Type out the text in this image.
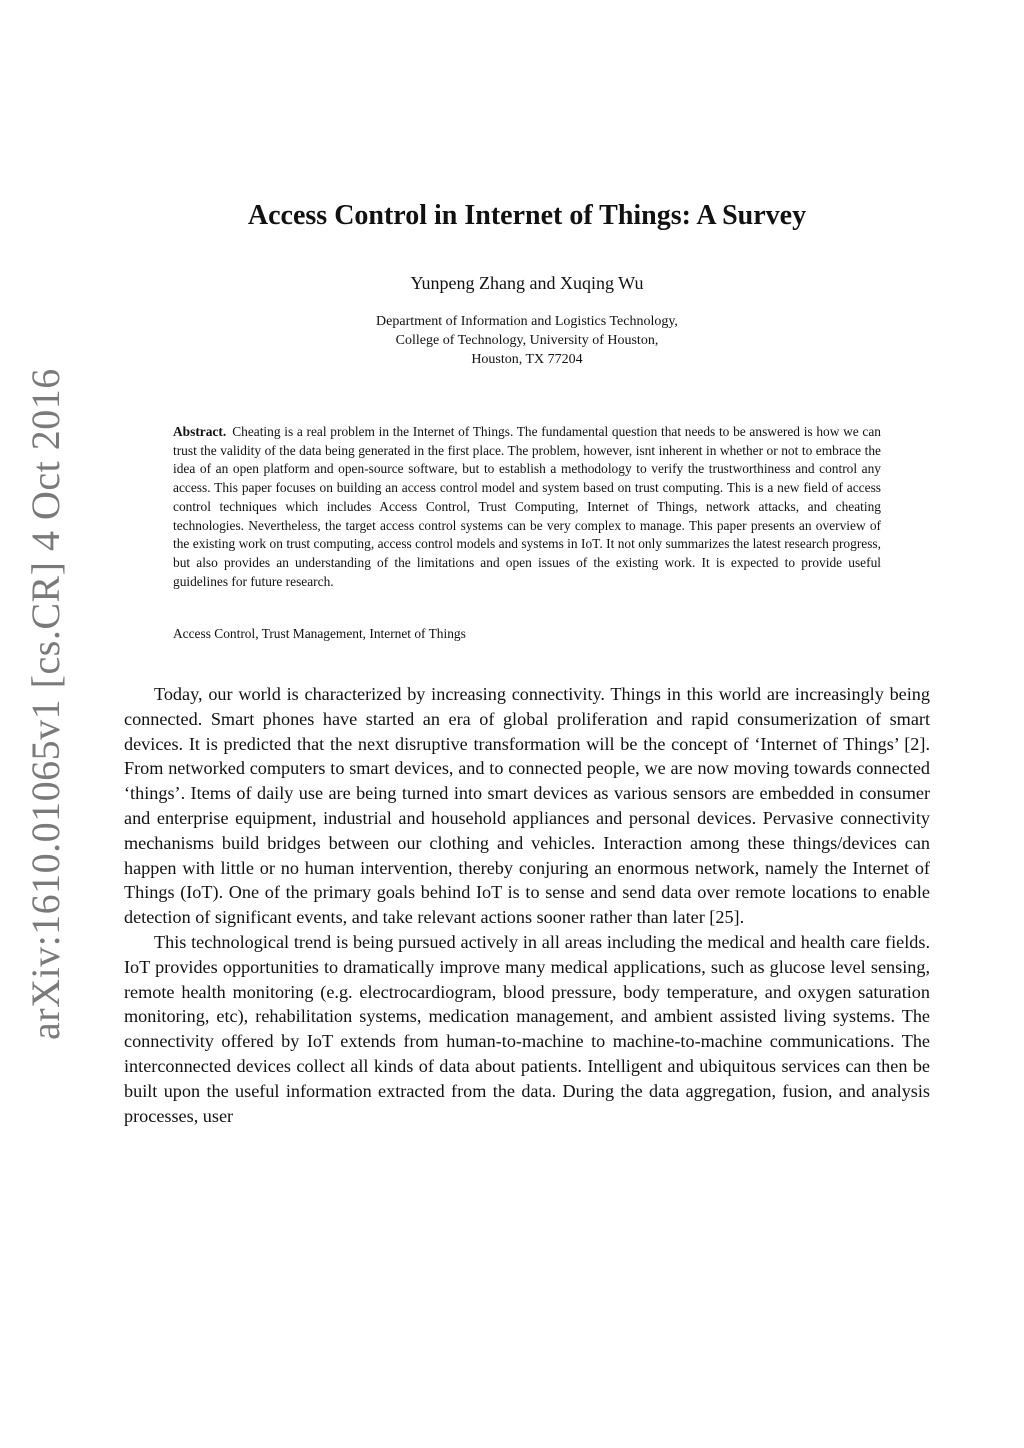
arXiv:1610.01065v1 [cs.CR] 4 Oct 2016
Access Control in Internet of Things: A Survey
Yunpeng Zhang and Xuqing Wu
Department of Information and Logistics Technology,
College of Technology, University of Houston,
Houston, TX 77204

Abstract. Cheating is a real problem in the Internet of Things. The fundamental question that needs to be answered is how we can trust the validity of the data being generated in the first place. The problem, however, isnt inherent in whether or not to embrace the idea of an open platform and open-source software, but to establish a methodology to verify the trustworthiness and control any access. This paper focuses on building an access control model and system based on trust computing. This is a new field of access control techniques which includes Access Control, Trust Computing, Internet of Things, network attacks, and cheating technologies. Nevertheless, the target access control systems can be very complex to manage. This paper presents an overview of the existing work on trust computing, access control models and systems in IoT. It not only summarizes the latest research progress, but also provides an understanding of the limitations and open issues of the existing work. It is expected to provide useful guidelines for future research.

Access Control, Trust Management, Internet of Things

Today, our world is characterized by increasing connectivity. Things in this world are increasingly being connected. Smart phones have started an era of global proliferation and rapid consumerization of smart devices. It is predicted that the next disruptive transformation will be the concept of ‘Internet of Things’ [2]. From networked computers to smart devices, and to connected people, we are now moving towards connected ‘things’. Items of daily use are being turned into smart devices as various sensors are embedded in consumer and enterprise equipment, industrial and household appliances and personal devices. Pervasive connectivity mechanisms build bridges between our clothing and vehicles. Interaction among these things/devices can happen with little or no human intervention, thereby conjuring an enormous network, namely the Internet of Things (IoT). One of the primary goals behind IoT is to sense and send data over remote locations to enable detection of significant events, and take relevant actions sooner rather than later [25].

This technological trend is being pursued actively in all areas including the medical and health care fields. IoT provides opportunities to dramatically improve many medical applications, such as glucose level sensing, remote health monitoring (e.g. electrocardiogram, blood pressure, body temperature, and oxygen saturation monitoring, etc), rehabilitation systems, medication management, and ambient assisted living systems. The connectivity offered by IoT extends from human-to-machine to machine-to-machine communications. The interconnected devices collect all kinds of data about patients. Intelligent and ubiquitous services can then be built upon the useful information extracted from the data. During the data aggregation, fusion, and analysis processes, user
